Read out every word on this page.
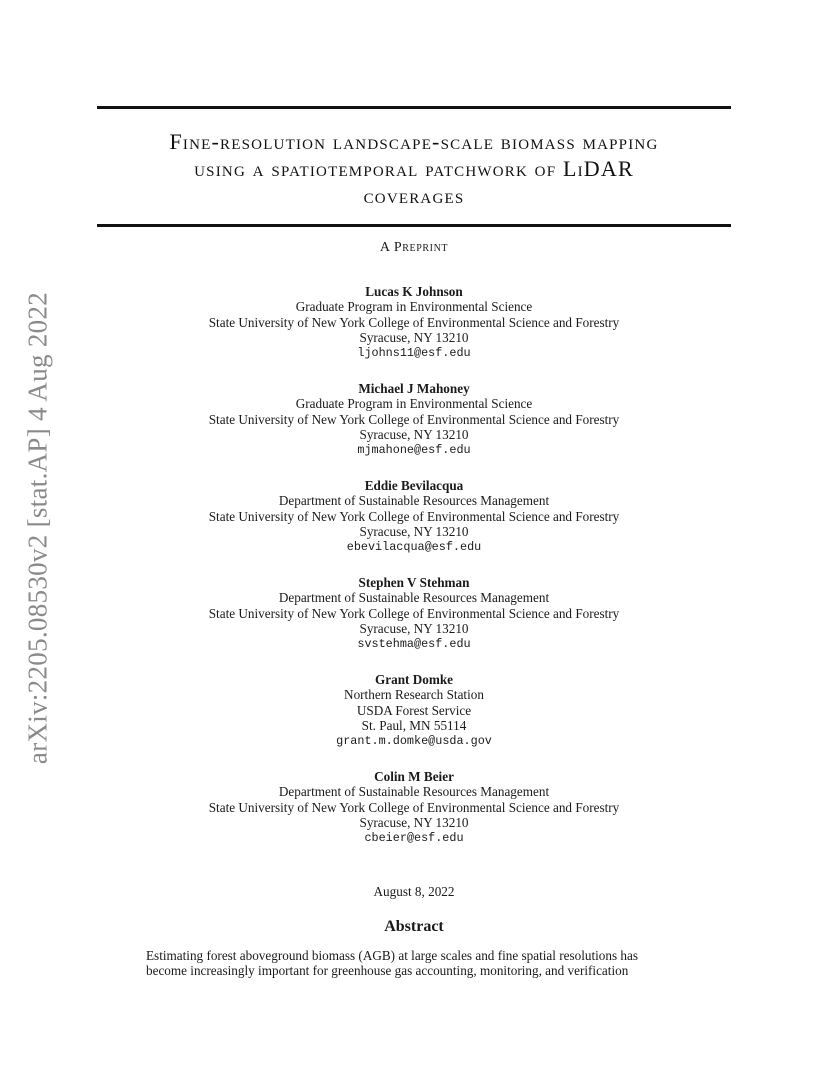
arXiv:2205.08530v2 [stat.AP] 4 Aug 2022
Fine-resolution landscape-scale biomass mapping
using a spatiotemporal patchwork of LiDAR
coverages
A Preprint
Lucas K Johnson
Graduate Program in Environmental Science
State University of New York College of Environmental Science and Forestry
Syracuse, NY 13210
ljohns11@esf.edu
Michael J Mahoney
Graduate Program in Environmental Science
State University of New York College of Environmental Science and Forestry
Syracuse, NY 13210
mjmahone@esf.edu
Eddie Bevilacqua
Department of Sustainable Resources Management
State University of New York College of Environmental Science and Forestry
Syracuse, NY 13210
ebevilacqua@esf.edu
Stephen V Stehman
Department of Sustainable Resources Management
State University of New York College of Environmental Science and Forestry
Syracuse, NY 13210
svstehma@esf.edu
Grant Domke
Northern Research Station
USDA Forest Service
St. Paul, MN 55114
grant.m.domke@usda.gov
Colin M Beier
Department of Sustainable Resources Management
State University of New York College of Environmental Science and Forestry
Syracuse, NY 13210
cbeier@esf.edu
August 8, 2022
Abstract
Estimating forest aboveground biomass (AGB) at large scales and fine spatial resolutions has
become increasingly important for greenhouse gas accounting, monitoring, and verification
